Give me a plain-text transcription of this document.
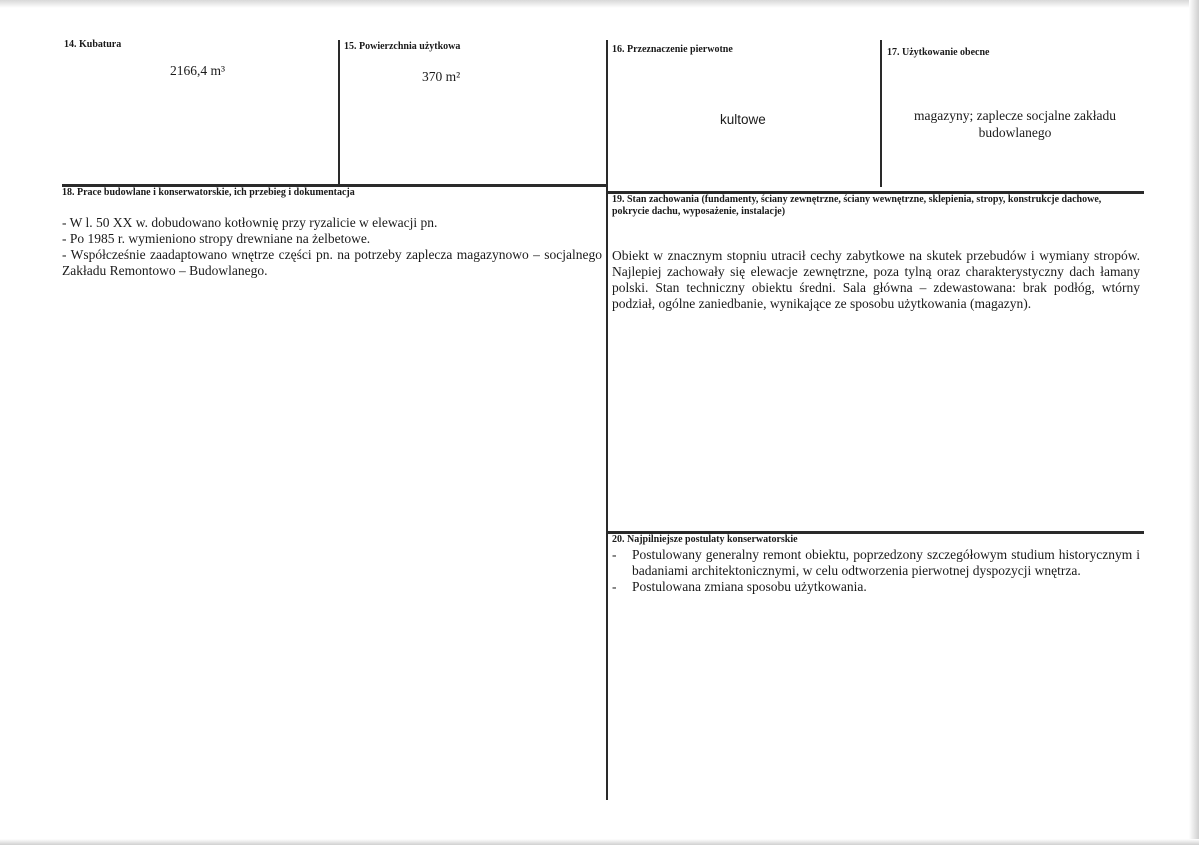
14. Kubatura
2166,4 m³
15. Powierzchnia użytkowa
370 m²
16. Przeznaczenie pierwotne
kultowe
17. Użytkowanie obecne
magazyny; zaplecze socjalne zakładu budowlanego
18. Prace budowlane i konserwatorskie, ich przebieg i dokumentacja
- W l. 50 XX w. dobudowano kotłownię przy ryzalicie w elewacji pn.
- Po 1985 r. wymieniono stropy drewniane na żelbetowe.
- Współcześnie zaadaptowano wnętrze części pn. na potrzeby zaplecza magazynowo – socjalnego Zakładu Remontowo – Budowlanego.
19. Stan zachowania (fundamenty, ściany zewnętrzne, ściany wewnętrzne, sklepienia, stropy, konstrukcje dachowe, pokrycie dachu, wyposażenie, instalacje)
Obiekt w znacznym stopniu utracił cechy zabytkowe na skutek przebudów i wymiany stropów. Najlepiej zachowały się elewacje zewnętrzne, poza tylną oraz charakterystyczny dach łamany polski. Stan techniczny obiektu średni. Sala główna – zdewastowana: brak podłóg, wtórny podział, ogólne zaniedbanie, wynikające ze sposobu użytkowania (magazyn).
20. Najpilniejsze postulaty konserwatorskie
-	Postulowany generalny remont obiektu, poprzedzony szczegółowym studium historycznym i badaniami architektonicznymi, w celu odtworzenia pierwotnej dyspozycji wnętrza.
-	Postulowana zmiana sposobu użytkowania.
